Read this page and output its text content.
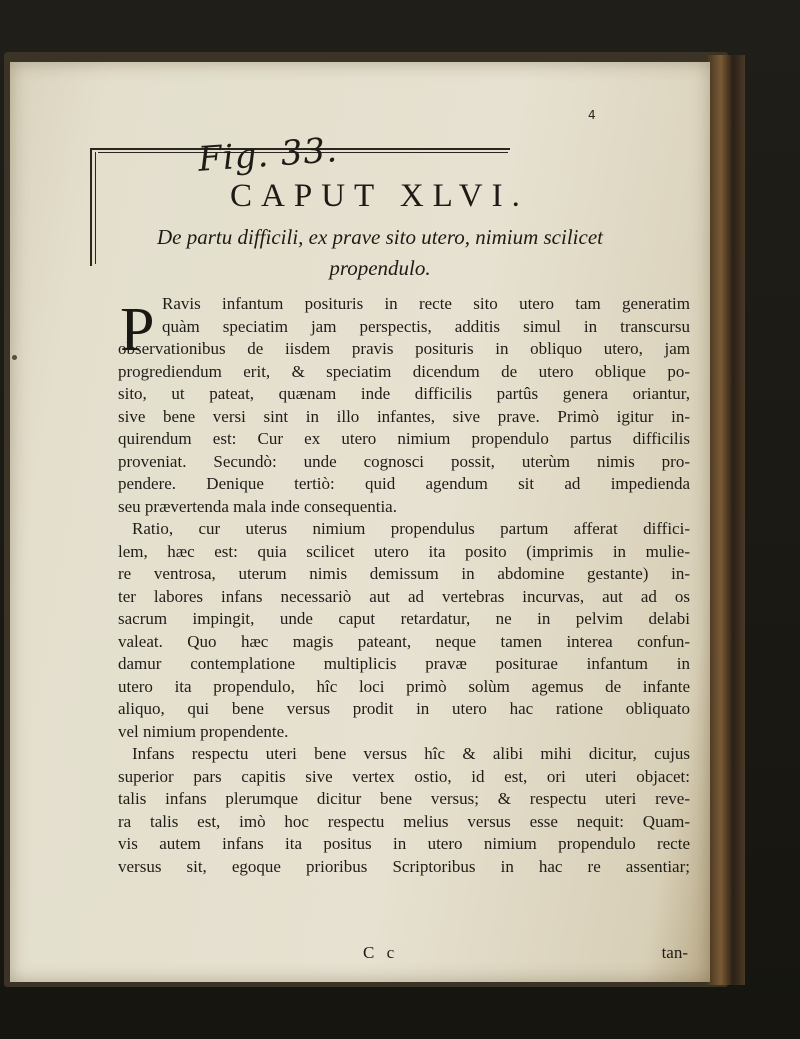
4
Fig. 33.
CAPUT XLVI.
De partu difficili, ex prave sito utero, nimium scilicet
propendulo.
P Ravis infantum posituris in recte sito utero tam generatim
quàm speciatim jam perspectis, additis simul in transcursu
observationibus de iisdem pravis posituris in obliquo utero, jam
progrediendum erit, & speciatim dicendum de utero oblique po-
sito, ut pateat, quænam inde difficilis partûs genera oriantur,
sive bene versi sint in illo infantes, sive prave. Primò igitur in-
quirendum est: Cur ex utero nimium propendulo partus difficilis
proveniat. Secundò: unde cognosci possit, uterùm nimis pro-
pendere. Denique tertiò: quid agendum sit ad impedienda
seu prævertenda mala inde consequentia.
Ratio, cur uterus nimium propendulus partum afferat diffici-
lem, hæc est: quia scilicet utero ita posito (imprimis in mulie-
re ventrosa, uterum nimis demissum in abdomine gestante) in-
ter labores infans necessariò aut ad vertebras incurvas, aut ad os
sacrum impingit, unde caput retardatur, ne in pelvim delabi
valeat. Quo hæc magis pateant, neque tamen interea confun-
damur contemplatione multiplicis pravæ positurae infantum in
utero ita propendulo, hîc loci primò solùm agemus de infante
aliquo, qui bene versus prodit in utero hac ratione obliquato
vel nimium propendente.
Infans respectu uteri bene versus hîc & alibi mihi dicitur, cujus
superior pars capitis sive vertex ostio, id est, ori uteri objacet:
talis infans plerumque dicitur bene versus; & respectu uteri reve-
ra talis est, imò hoc respectu melius versus esse nequit: Quam-
vis autem infans ita positus in utero nimium propendulo recte
versus sit, egoque prioribus Scriptoribus in hac re assentiar;
C c	tan-
